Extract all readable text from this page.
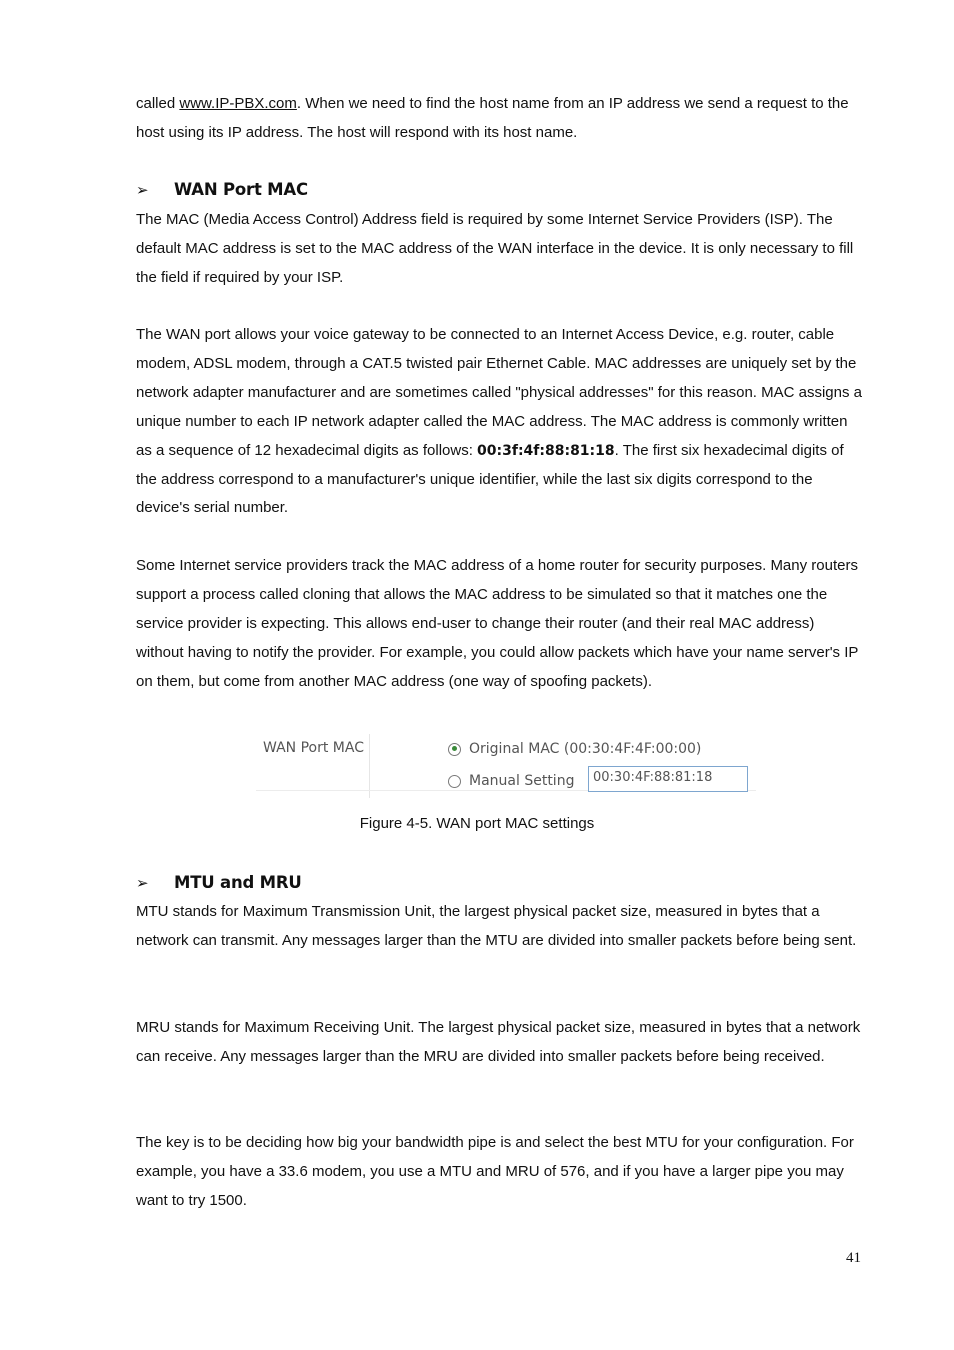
called www.IP-PBX.com. When we need to find the host name from an IP address we send a request to the host using its IP address. The host will respond with its host name.

➢ WAN Port MAC

The MAC (Media Access Control) Address field is required by some Internet Service Providers (ISP). The default MAC address is set to the MAC address of the WAN interface in the device. It is only necessary to fill the field if required by your ISP.

The WAN port allows your voice gateway to be connected to an Internet Access Device, e.g. router, cable modem, ADSL modem, through a CAT.5 twisted pair Ethernet Cable. MAC addresses are uniquely set by the network adapter manufacturer and are sometimes called "physical addresses" for this reason. MAC assigns a unique number to each IP network adapter called the MAC address. The MAC address is commonly written as a sequence of 12 hexadecimal digits as follows: 00:3f:4f:88:81:18. The first six hexadecimal digits of the address correspond to a manufacturer's unique identifier, while the last six digits correspond to the device's serial number.

Some Internet service providers track the MAC address of a home router for security purposes. Many routers support a process called cloning that allows the MAC address to be simulated so that it matches one the service provider is expecting. This allows end-user to change their router (and their real MAC address) without having to notify the provider. For example, you could allow packets which have your name server's IP on them, but come from another MAC address (one way of spoofing packets).

WAN Port MAC	Original MAC (00:30:4F:4F:00:00)
Manual Setting	00:30:4F:88:81:18

Figure 4-5. WAN port MAC settings

➢ MTU and MRU

MTU stands for Maximum Transmission Unit, the largest physical packet size, measured in bytes that a network can transmit. Any messages larger than the MTU are divided into smaller packets before being sent.

MRU stands for Maximum Receiving Unit. The largest physical packet size, measured in bytes that a network can receive. Any messages larger than the MRU are divided into smaller packets before being received.

The key is to be deciding how big your bandwidth pipe is and select the best MTU for your configuration. For example, you have a 33.6 modem, you use a MTU and MRU of 576, and if you have a larger pipe you may want to try 1500.

41
